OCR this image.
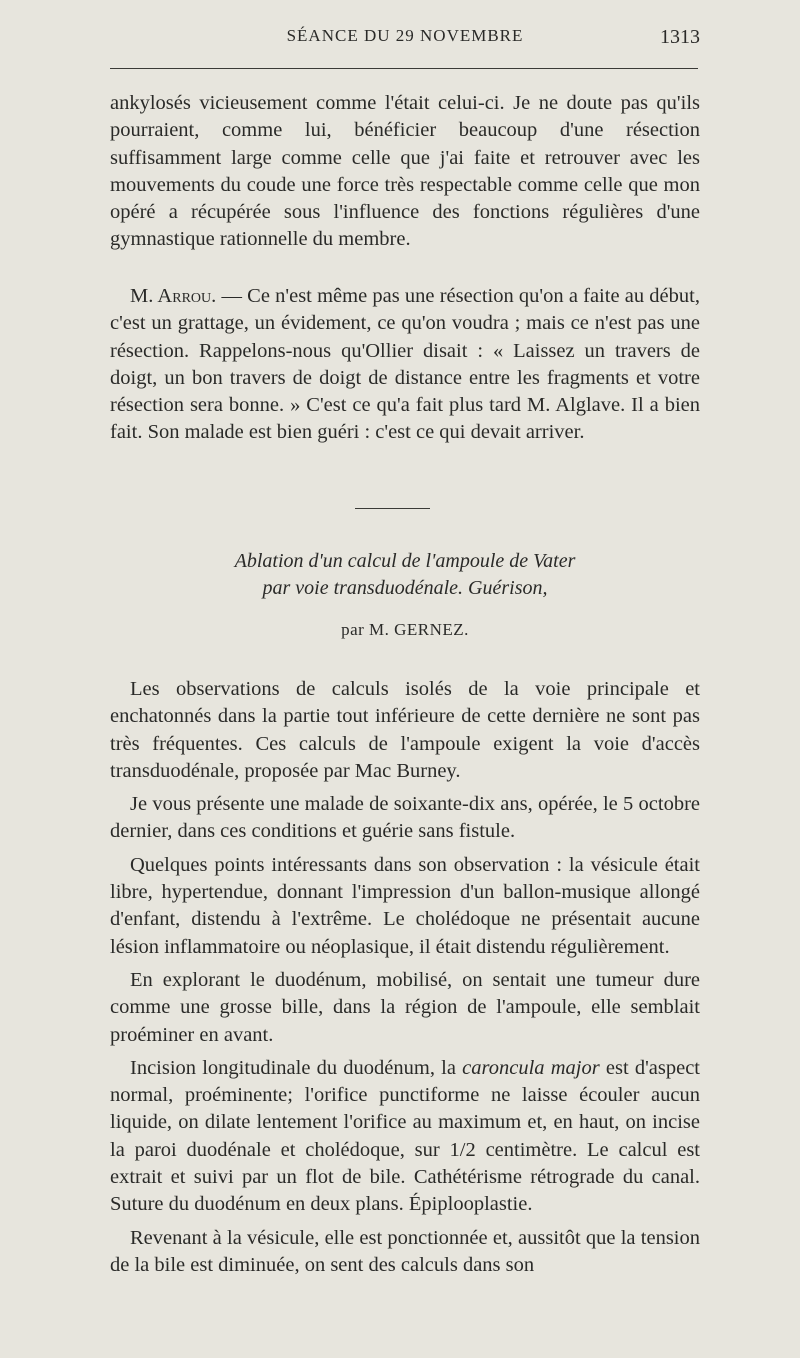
SÉANCE DU 29 NOVEMBRE	1313

ankylosés vicieusement comme l'était celui-ci. Je ne doute pas qu'ils pourraient, comme lui, bénéficier beaucoup d'une résection suffisamment large comme celle que j'ai faite et retrouver avec les mouvements du coude une force très respectable comme celle que mon opéré a récupérée sous l'influence des fonctions régulières d'une gymnastique rationnelle du membre.

M. Arrou. — Ce n'est même pas une résection qu'on a faite au début, c'est un grattage, un évidement, ce qu'on voudra ; mais ce n'est pas une résection. Rappelons-nous qu'Ollier disait : « Laissez un travers de doigt, un bon travers de doigt de distance entre les fragments et votre résection sera bonne. » C'est ce qu'a fait plus tard M. Alglave. Il a bien fait. Son malade est bien guéri : c'est ce qui devait arriver.

Ablation d'un calcul de l'ampoule de Vater
par voie transduodénale. Guérison,
par M. GERNEZ.

Les observations de calculs isolés de la voie principale et enchatonnés dans la partie tout inférieure de cette dernière ne sont pas très fréquentes. Ces calculs de l'ampoule exigent la voie d'accès transduodénale, proposée par Mac Burney.

Je vous présente une malade de soixante-dix ans, opérée, le 5 octobre dernier, dans ces conditions et guérie sans fistule.

Quelques points intéressants dans son observation : la vésicule était libre, hypertendue, donnant l'impression d'un ballon-musique allongé d'enfant, distendu à l'extrême. Le cholédoque ne présentait aucune lésion inflammatoire ou néoplasique, il était distendu régulièrement.

En explorant le duodénum, mobilisé, on sentait une tumeur dure comme une grosse bille, dans la région de l'ampoule, elle semblait proéminer en avant.

Incision longitudinale du duodénum, la caroncula major est d'aspect normal, proéminente; l'orifice punctiforme ne laisse écouler aucun liquide, on dilate lentement l'orifice au maximum et, en haut, on incise la paroi duodénale et cholédoque, sur 1/2 centimètre. Le calcul est extrait et suivi par un flot de bile. Cathétérisme rétrograde du canal. Suture du duodénum en deux plans. Épiplooplastie.

Revenant à la vésicule, elle est ponctionnée et, aussitôt que la tension de la bile est diminuée, on sent des calculs dans son
